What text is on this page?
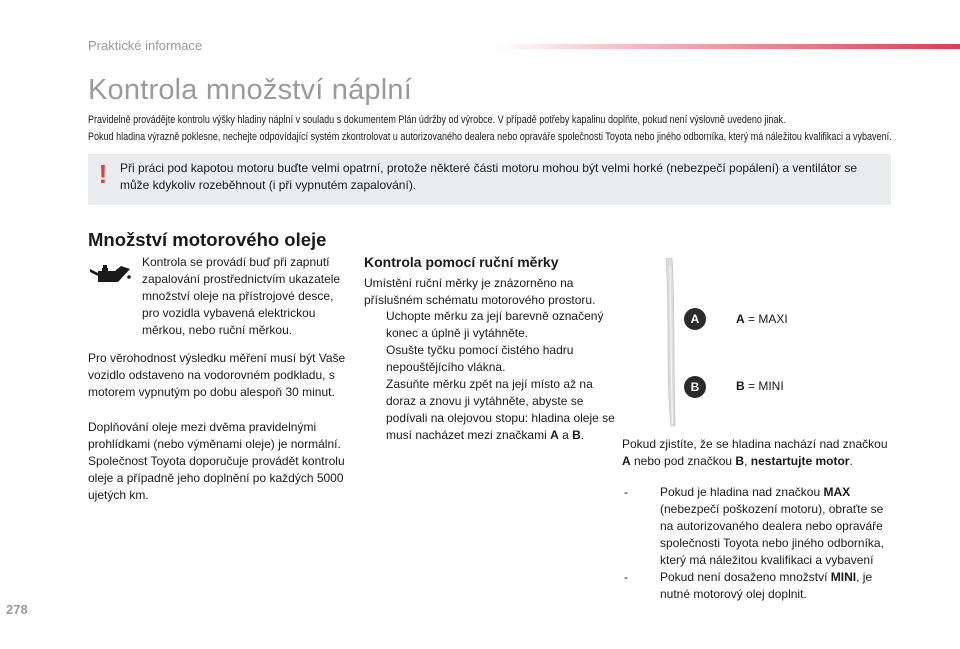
Praktické informace
Kontrola množství náplní
Pravidelně provádějte kontrolu výšky hladiny náplní v souladu s dokumentem Plán údržby od výrobce. V případě potřeby kapalinu doplňte, pokud není výslovně uvedeno jinak.
Pokud hladina výrazně poklesne, nechejte odpovídající systém zkontrolovat u autorizovaného dealera nebo opravářе společnosti Toyota nebo jiného odborníka, který má náležitou kvalifikaci a vybavení.
! Při práci pod kapotou motoru buďte velmi opatrní, protože některé části motoru mohou být velmi horké (nebezpečí popálení) a ventilátor se může kdykoliv rozeběhnout (i při vypnutém zapalování).
Množství motorového oleje
Kontrola se provádí buď při zapnutí zapalování prostřednictvím ukazatele množství oleje na přístrojové desce, pro vozidla vybavená elektrickou měrkou, nebo ruční měrkou.
Pro věrohodnost výsledku měření musí být Vaše vozidlo odstaveno na vodorovném podkladu, s motorem vypnutým po dobu alespoň 30 minut.
Doplňování oleje mezi dvěma pravidelnými prohlídkami (nebo výměnami oleje) je normální. Společnost Toyota doporučuje provádět kontrolu oleje a případně jeho doplnění po každých 5000 ujetých km.
Kontrola pomocí ruční měrky
Umístění ruční měrky je znázorněno na příslušném schématu motorového prostoru.
Uchopte měrku za její barevně označený konec a úplně ji vytáhněte.
Osušte tyčku pomocí čistého hadru nepouštějícího vlákna.
Zasuňte měrku zpět na její místo až na doraz a znovu ji vytáhněte, abyste se podívali na olejovou stopu: hladina oleje se musí nacházet mezi značkami A a B.
A
B
A = MAXI
B = MINI
Pokud zjistíte, že se hladina nachází nad značkou A nebo pod značkou B, nestartujte motor.
-	Pokud je hladina nad značkou MAX (nebezpečí poškození motoru), obraťte se na autorizovaného dealera nebo opravářе společnosti Toyota nebo jiného odborníka, který má náležitou kvalifikaci a vybavení
-	Pokud není dosaženo množství MINI, je nutné motorový olej doplnit.
278
